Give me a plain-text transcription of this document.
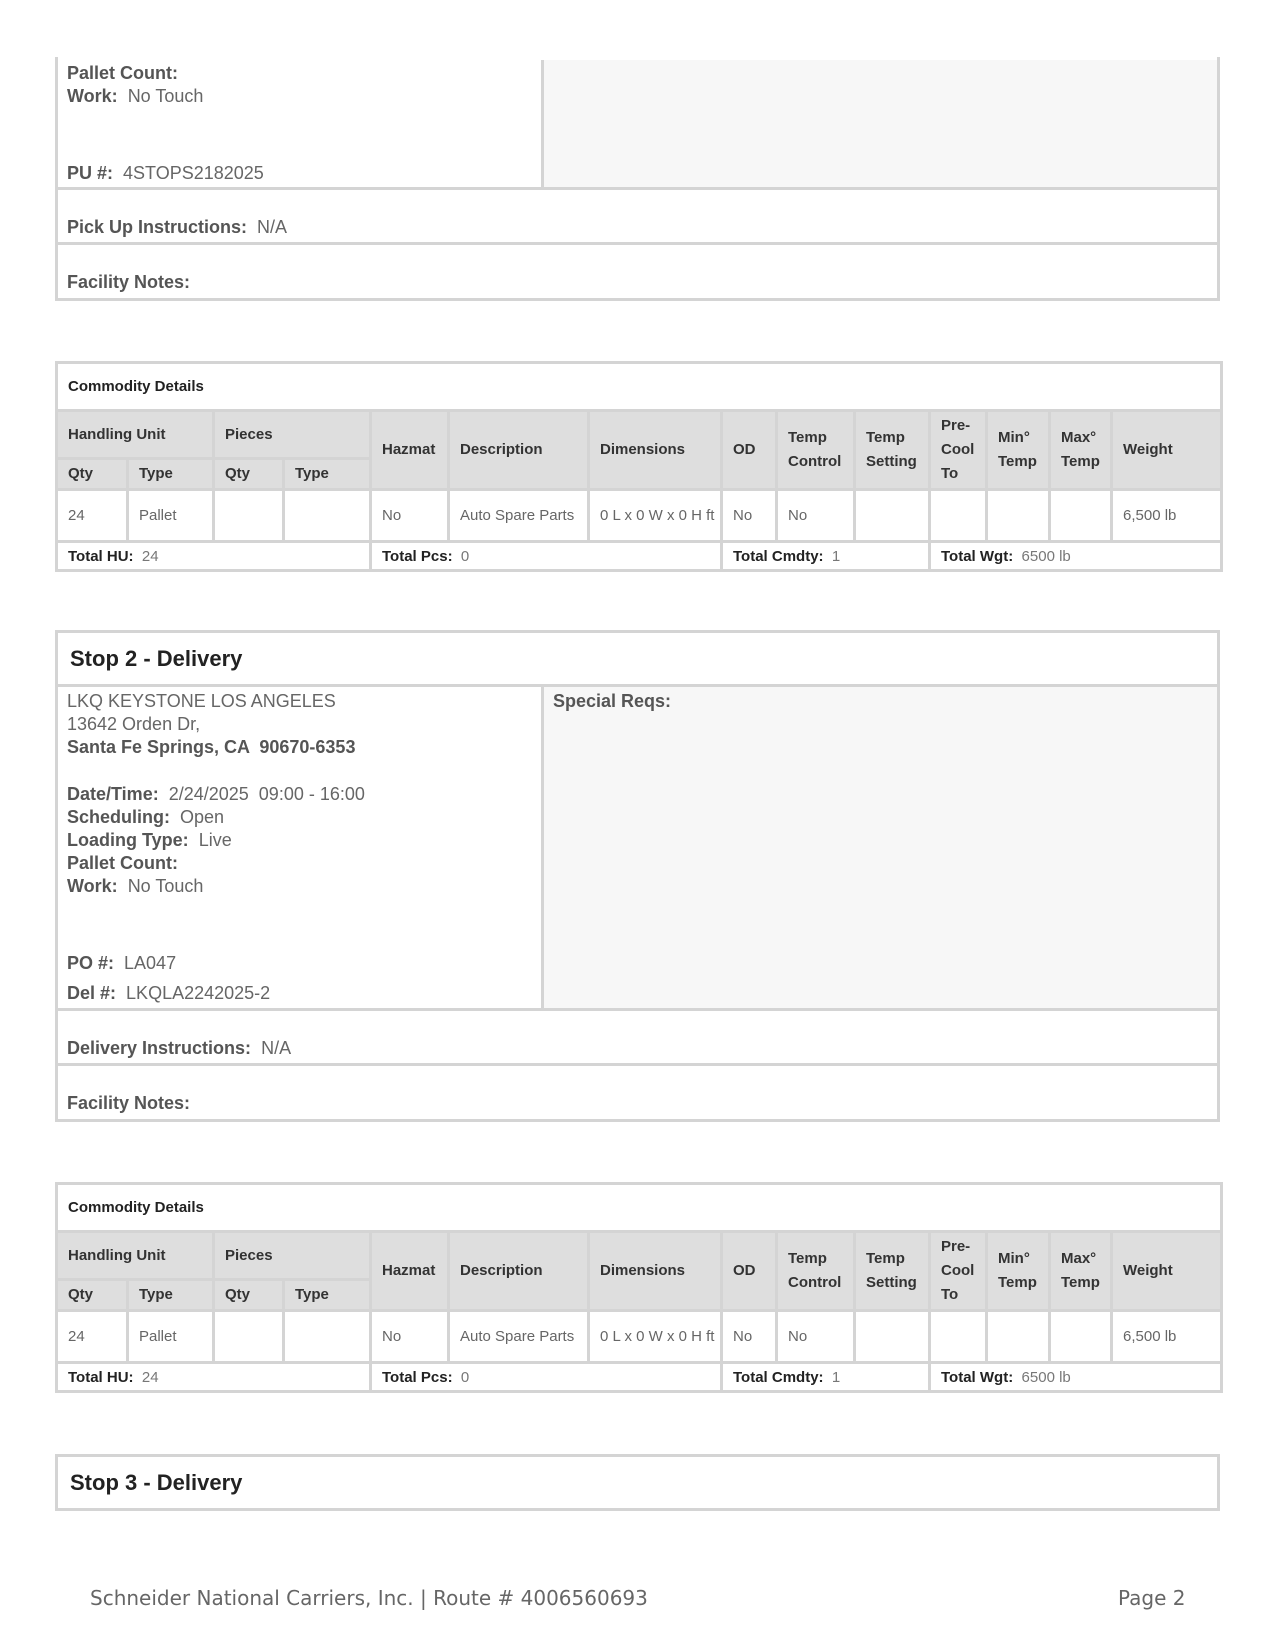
Pallet Count:
Work: No Touch
PU #: 4STOPS2182025
Pick Up Instructions: N/A
Facility Notes:
Commodity Details													
Handling Unit		Pieces		Hazmat	Description	Dimensions	OD	Temp Control	Temp Setting	Pre-Cool To	Min° Temp	Max° Temp	Weight
Qty	Type	Qty	Type										
24	Pallet			No	Auto Spare Parts	0 L x 0 W x 0 H ft	No	No					6,500 lb
Total HU: 24				Total Pcs: 0			Total Cmdty: 1			Total Wgt: 6500 lb			
Stop 2 - Delivery
Special Reqs:
LKQ KEYSTONE LOS ANGELES
13642 Orden Dr,
Santa Fe Springs, CA  90670-6353
Date/Time: 2/24/2025  09:00 - 16:00
Scheduling: Open
Loading Type: Live
Pallet Count:
Work: No Touch
PO #: LA047
Del #: LKQLA2242025-2
Delivery Instructions: N/A
Facility Notes:
Commodity Details													
Handling Unit		Pieces		Hazmat	Description	Dimensions	OD	Temp Control	Temp Setting	Pre-Cool To	Min° Temp	Max° Temp	Weight
Qty	Type	Qty	Type										
24	Pallet			No	Auto Spare Parts	0 L x 0 W x 0 H ft	No	No					6,500 lb
Total HU: 24				Total Pcs: 0			Total Cmdty: 1			Total Wgt: 6500 lb			
Stop 3 - Delivery
Schneider National Carriers, Inc. | Route # 4006560693	Page 2
